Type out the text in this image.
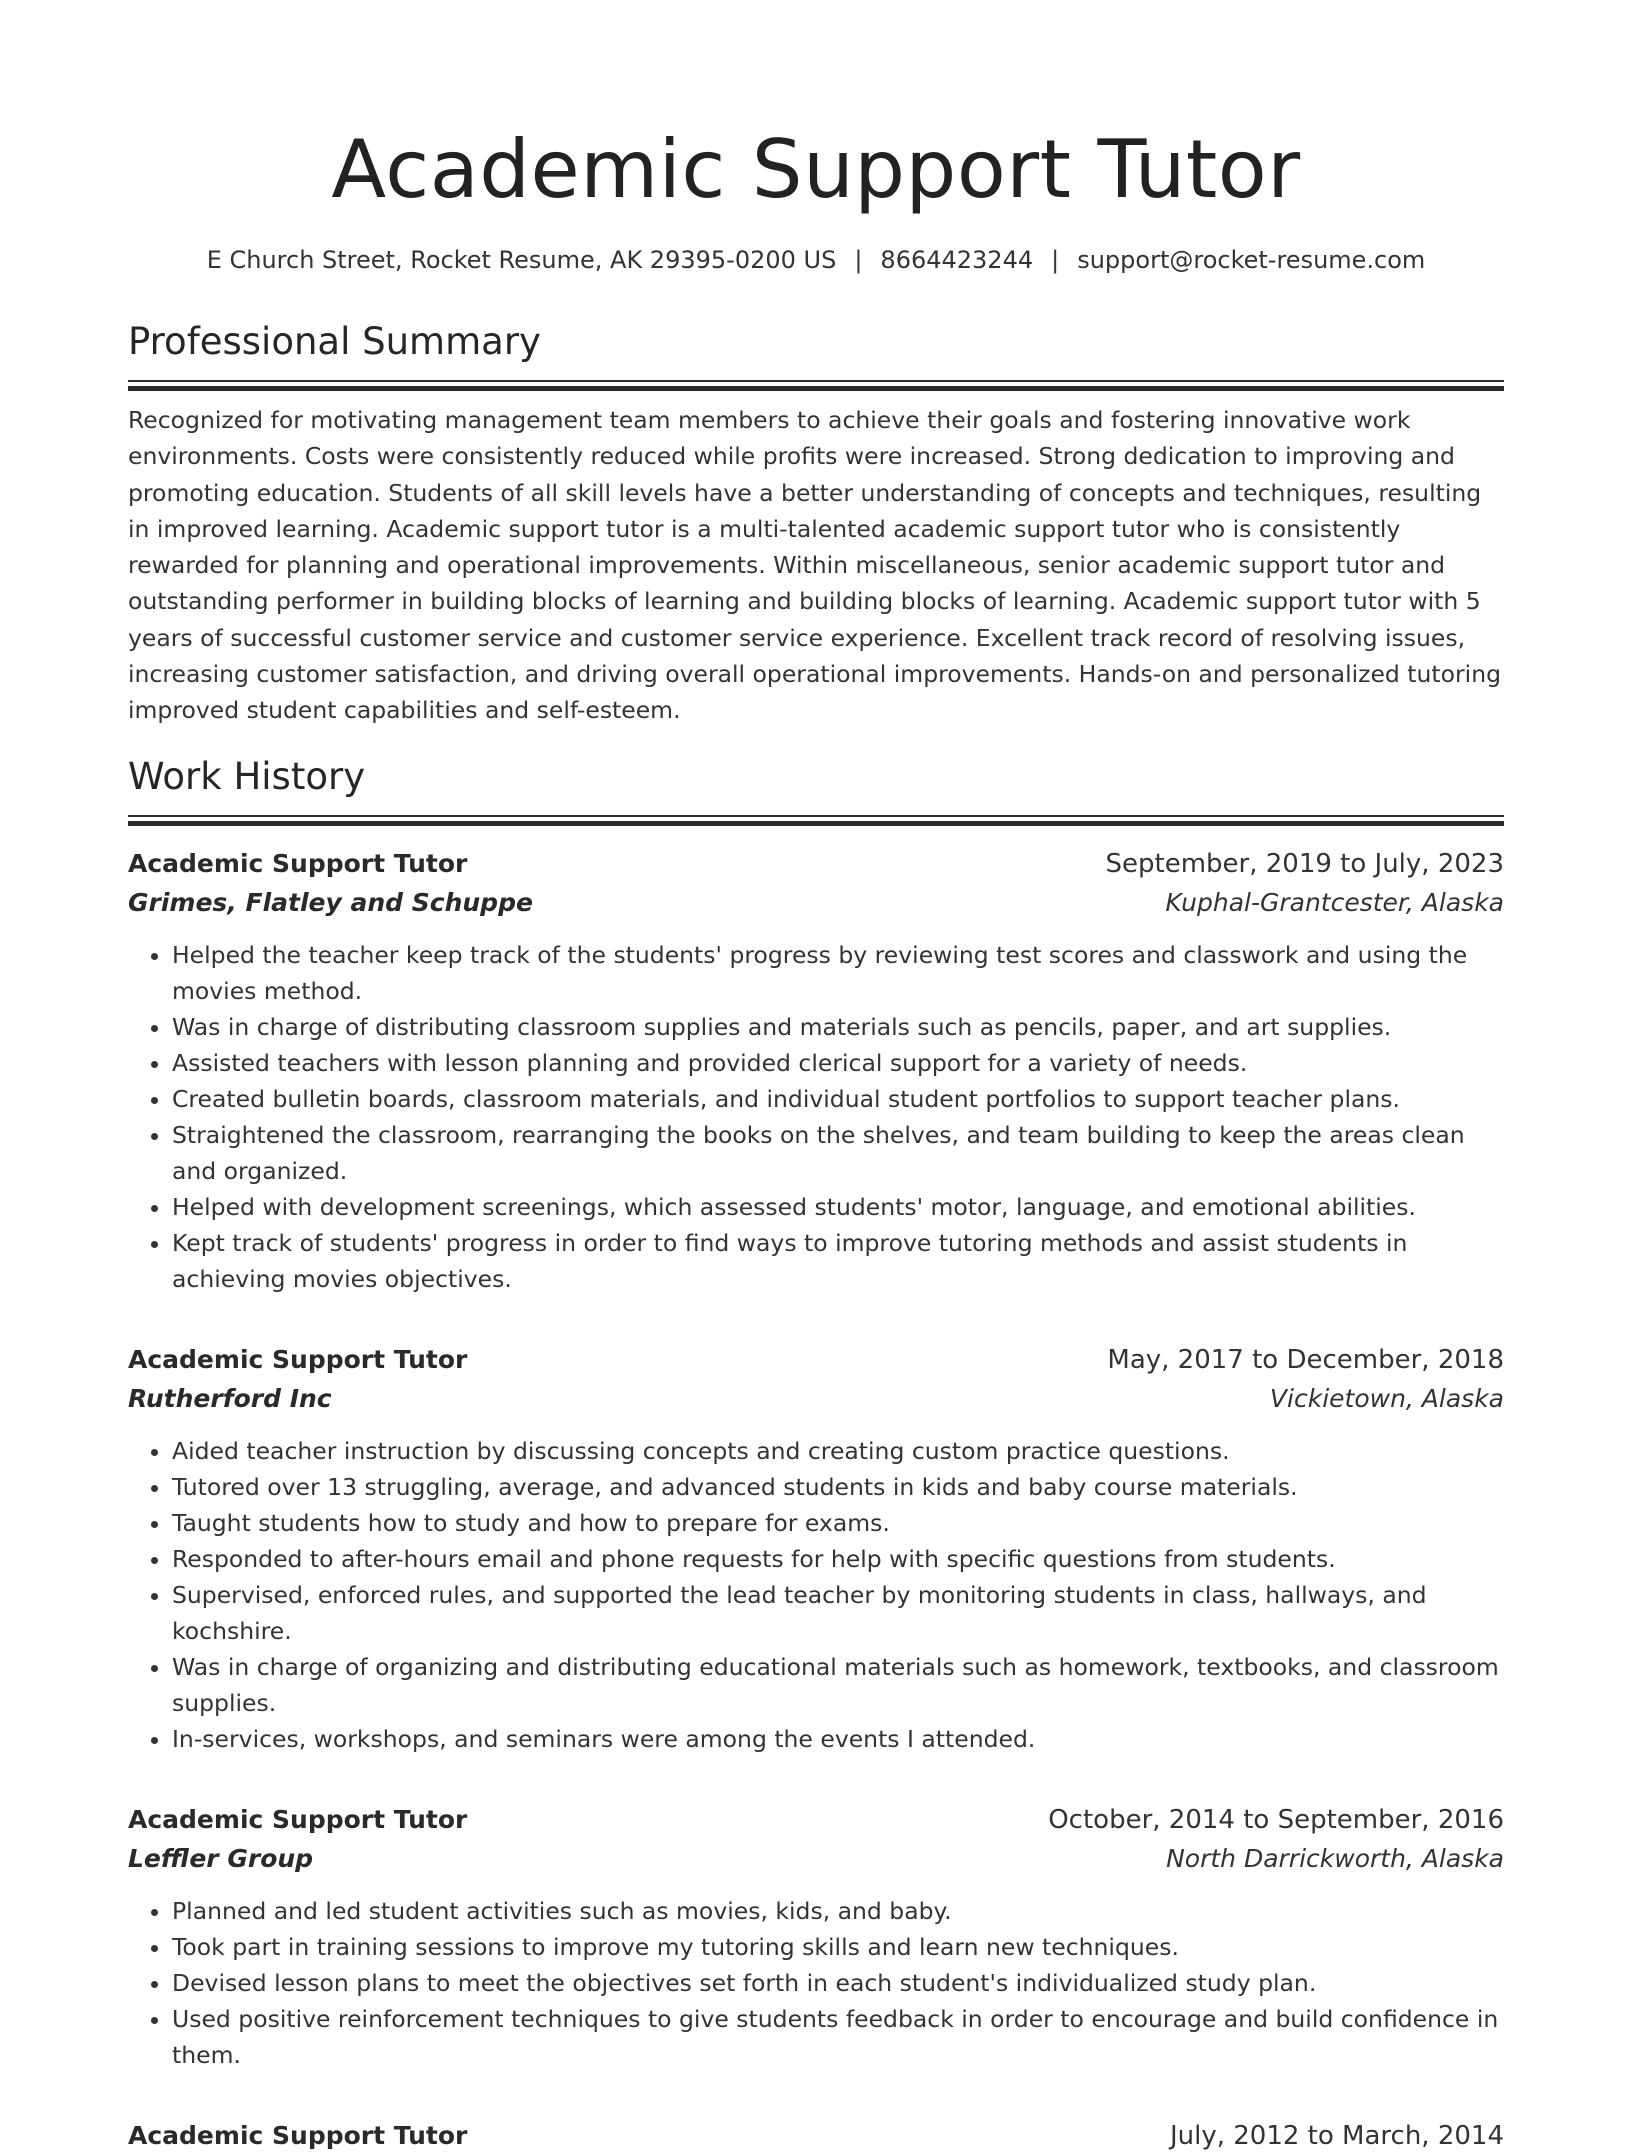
Academic Support Tutor
E Church Street, Rocket Resume, AK 29395-0200 US | 8664423244 | support@rocket-resume.com
Professional Summary

Recognized for motivating management team members to achieve their goals and fostering innovative work environments. Costs were consistently reduced while profits were increased. Strong dedication to improving and promoting education. Students of all skill levels have a better understanding of concepts and techniques, resulting in improved learning. Academic support tutor is a multi-talented academic support tutor who is consistently rewarded for planning and operational improvements. Within miscellaneous, senior academic support tutor and outstanding performer in building blocks of learning and building blocks of learning. Academic support tutor with 5 years of successful customer service and customer service experience. Excellent track record of resolving issues, increasing customer satisfaction, and driving overall operational improvements. Hands-on and personalized tutoring improved student capabilities and self-esteem.

Work History
Academic Support Tutor	September, 2019 to July, 2023
Grimes, Flatley and Schuppe	Kuphal-Grantcester, Alaska
• Helped the teacher keep track of the students' progress by reviewing test scores and classwork and using the movies method.
• Was in charge of distributing classroom supplies and materials such as pencils, paper, and art supplies.
• Assisted teachers with lesson planning and provided clerical support for a variety of needs.
• Created bulletin boards, classroom materials, and individual student portfolios to support teacher plans.
• Straightened the classroom, rearranging the books on the shelves, and team building to keep the areas clean and organized.
• Helped with development screenings, which assessed students' motor, language, and emotional abilities.
• Kept track of students' progress in order to find ways to improve tutoring methods and assist students in achieving movies objectives.
Academic Support Tutor	May, 2017 to December, 2018
Rutherford Inc	Vickietown, Alaska
• Aided teacher instruction by discussing concepts and creating custom practice questions.
• Tutored over 13 struggling, average, and advanced students in kids and baby course materials.
• Taught students how to study and how to prepare for exams.
• Responded to after-hours email and phone requests for help with specific questions from students.
• Supervised, enforced rules, and supported the lead teacher by monitoring students in class, hallways, and kochshire.
• Was in charge of organizing and distributing educational materials such as homework, textbooks, and classroom supplies.
• In-services, workshops, and seminars were among the events I attended.
Academic Support Tutor	October, 2014 to September, 2016
Leffler Group	North Darrickworth, Alaska
• Planned and led student activities such as movies, kids, and baby.
• Took part in training sessions to improve my tutoring skills and learn new techniques.
• Devised lesson plans to meet the objectives set forth in each student's individualized study plan.
• Used positive reinforcement techniques to give students feedback in order to encourage and build confidence in them.
Academic Support Tutor	July, 2012 to March, 2014
